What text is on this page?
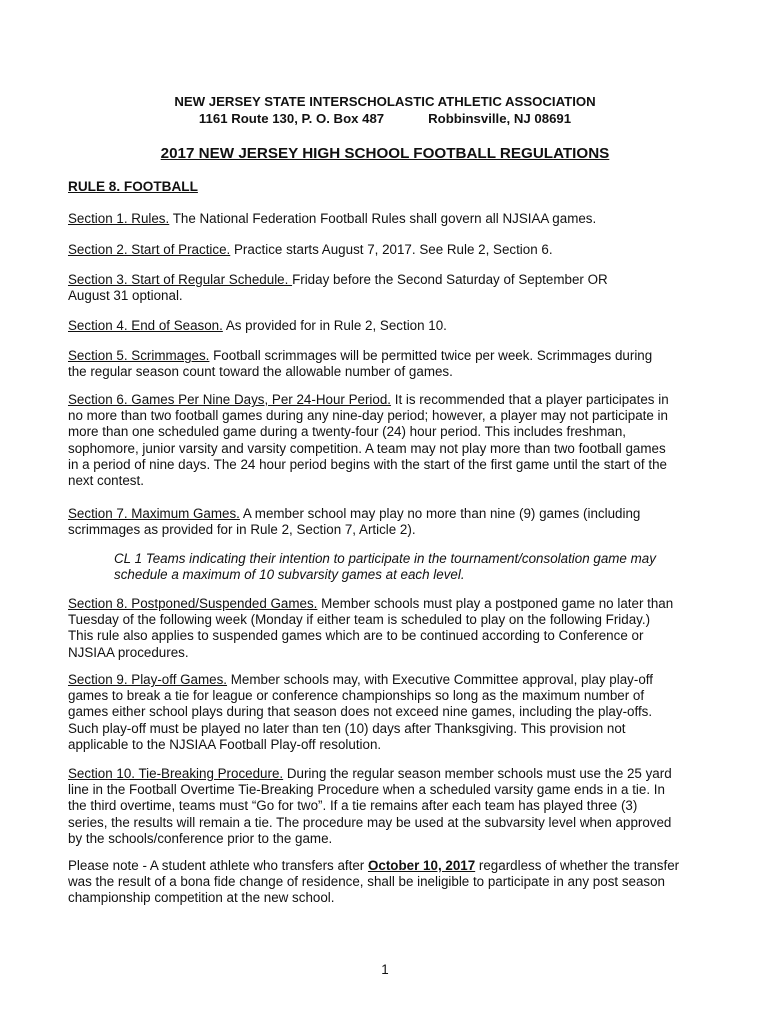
NEW JERSEY STATE INTERSCHOLASTIC ATHLETIC ASSOCIATION
1161 Route 130, P. O. Box 487	Robbinsville, NJ 08691
2017 NEW JERSEY HIGH SCHOOL FOOTBALL REGULATIONS
RULE 8. FOOTBALL

Section 1. Rules. The National Federation Football Rules shall govern all NJSIAA games.

Section 2. Start of Practice. Practice starts August 7, 2017. See Rule 2, Section 6.

Section 3. Start of Regular Schedule. Friday before the Second Saturday of September OR
August 31 optional.

Section 4. End of Season. As provided for in Rule 2, Section 10.

Section 5. Scrimmages. Football scrimmages will be permitted twice per week. Scrimmages during
the regular season count toward the allowable number of games.

Section 6. Games Per Nine Days, Per 24-Hour Period. It is recommended that a player participates in
no more than two football games during any nine-day period; however, a player may not participate in
more than one scheduled game during a twenty-four (24) hour period. This includes freshman,
sophomore, junior varsity and varsity competition. A team may not play more than two football games
in a period of nine days. The 24 hour period begins with the start of the first game until the start of the
next contest.

Section 7. Maximum Games. A member school may play no more than nine (9) games (including
scrimmages as provided for in Rule 2, Section 7, Article 2).

CL 1 Teams indicating their intention to participate in the tournament/consolation game may
schedule a maximum of 10 subvarsity games at each level.

Section 8. Postponed/Suspended Games. Member schools must play a postponed game no later than
Tuesday of the following week (Monday if either team is scheduled to play on the following Friday.)
This rule also applies to suspended games which are to be continued according to Conference or
NJSIAA procedures.

Section 9. Play-off Games. Member schools may, with Executive Committee approval, play play-off
games to break a tie for league or conference championships so long as the maximum number of
games either school plays during that season does not exceed nine games, including the play-offs.
Such play-off must be played no later than ten (10) days after Thanksgiving. This provision not
applicable to the NJSIAA Football Play-off resolution.

Section 10. Tie-Breaking Procedure. During the regular season member schools must use the 25 yard
line in the Football Overtime Tie-Breaking Procedure when a scheduled varsity game ends in a tie. In
the third overtime, teams must “Go for two”. If a tie remains after each team has played three (3)
series, the results will remain a tie. The procedure may be used at the subvarsity level when approved
by the schools/conference prior to the game.

Please note - A student athlete who transfers after October 10, 2017 regardless of whether the transfer
was the result of a bona fide change of residence, shall be ineligible to participate in any post season
championship competition at the new school.

1
